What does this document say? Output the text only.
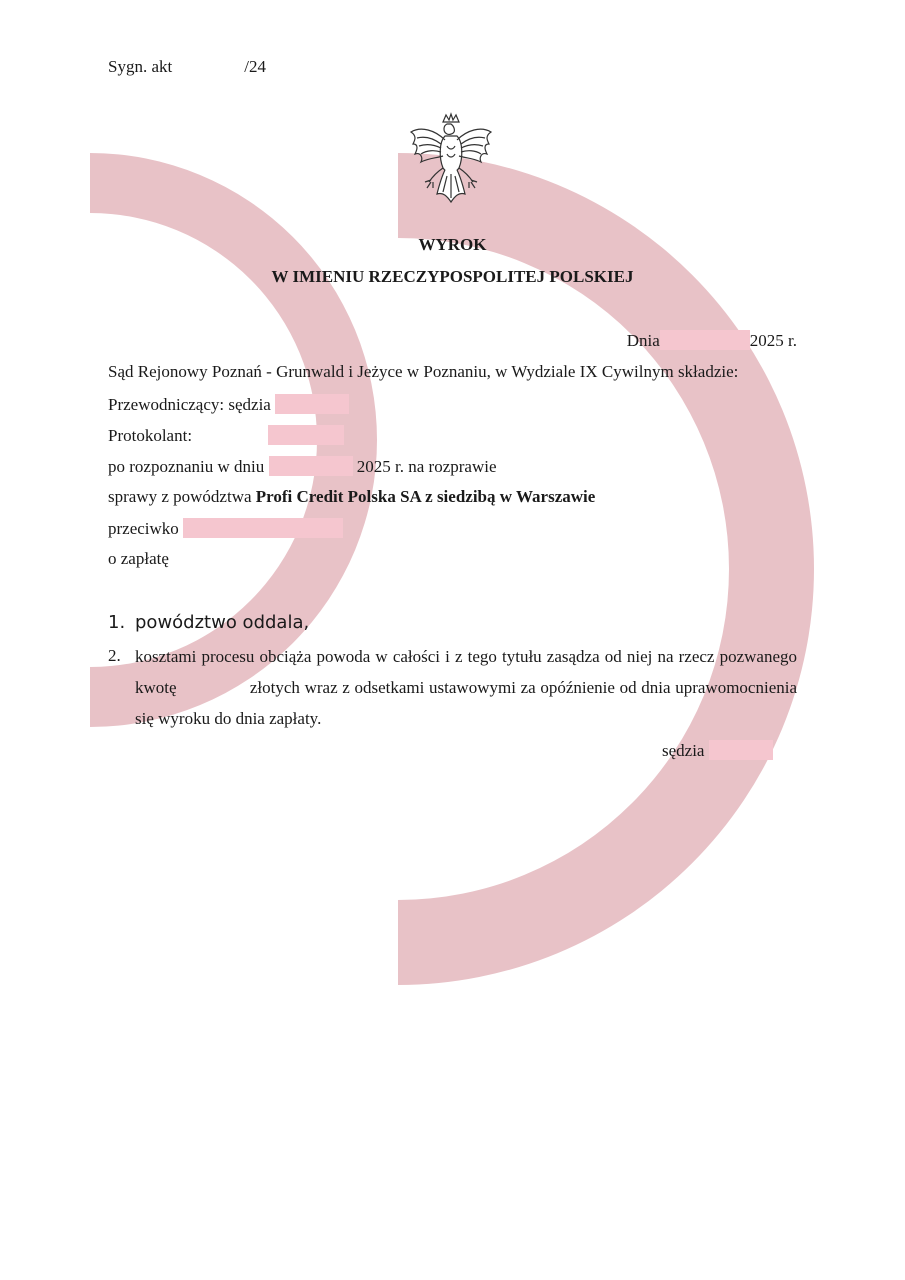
Sygn. akt	/24
WYROK
W IMIENIU RZECZYPOSPOLITEJ POLSKIEJ
Dnia	2025 r.
Sąd Rejonowy Poznań - Grunwald i Jeżyce w Poznaniu, w Wydziale IX Cywilnym składzie:
Przewodniczący: sędzia
Protokolant:
po rozpoznaniu w dniu	2025 r. na rozprawie
sprawy z powództwa Profi Credit Polska SA z siedzibą w Warszawie
przeciwko
o zapłatę
1. powództwo oddala,
2. kosztami procesu obciąża powoda w całości i z tego tytułu zasądza od niej na rzecz pozwanego kwotę	złotych wraz z odsetkami ustawowymi za opóźnienie od dnia uprawomocnienia się wyroku do dnia zapłaty.
sędzia
